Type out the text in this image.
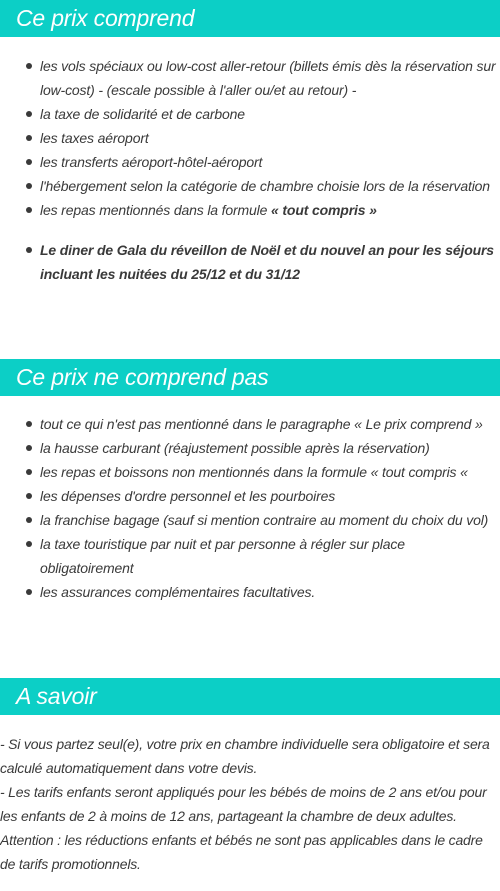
Ce prix comprend
les vols spéciaux ou low-cost aller-retour (billets émis dès la réservation sur low-cost) - (escale possible à l'aller ou/et au retour) -
la taxe de solidarité et de carbone
les taxes aéroport
les transferts aéroport-hôtel-aéroport
l'hébergement selon la catégorie de chambre choisie lors de la réservation
les repas mentionnés dans la formule « tout compris »
Le diner de Gala du réveillon de Noël et du nouvel an pour les séjours incluant les nuitées du 25/12 et du 31/12
Ce prix ne comprend pas
tout ce qui n'est pas mentionné dans le paragraphe « Le prix comprend »
la hausse carburant (réajustement possible après la réservation)
les repas et boissons non mentionnés dans la formule « tout compris «
les dépenses d'ordre personnel et les pourboires
la franchise bagage (sauf si mention contraire au moment du choix du vol)
la taxe touristique par nuit et par personne à régler sur place obligatoirement
les assurances complémentaires facultatives.
A savoir

- Si vous partez seul(e), votre prix en chambre individuelle sera obligatoire et sera calculé automatiquement dans votre devis.

- Les tarifs enfants seront appliqués pour les bébés de moins de 2 ans et/ou pour les enfants de 2 à moins de 12 ans, partageant la chambre de deux adultes.

Attention : les réductions enfants et bébés ne sont pas applicables dans le cadre de tarifs promotionnels.
